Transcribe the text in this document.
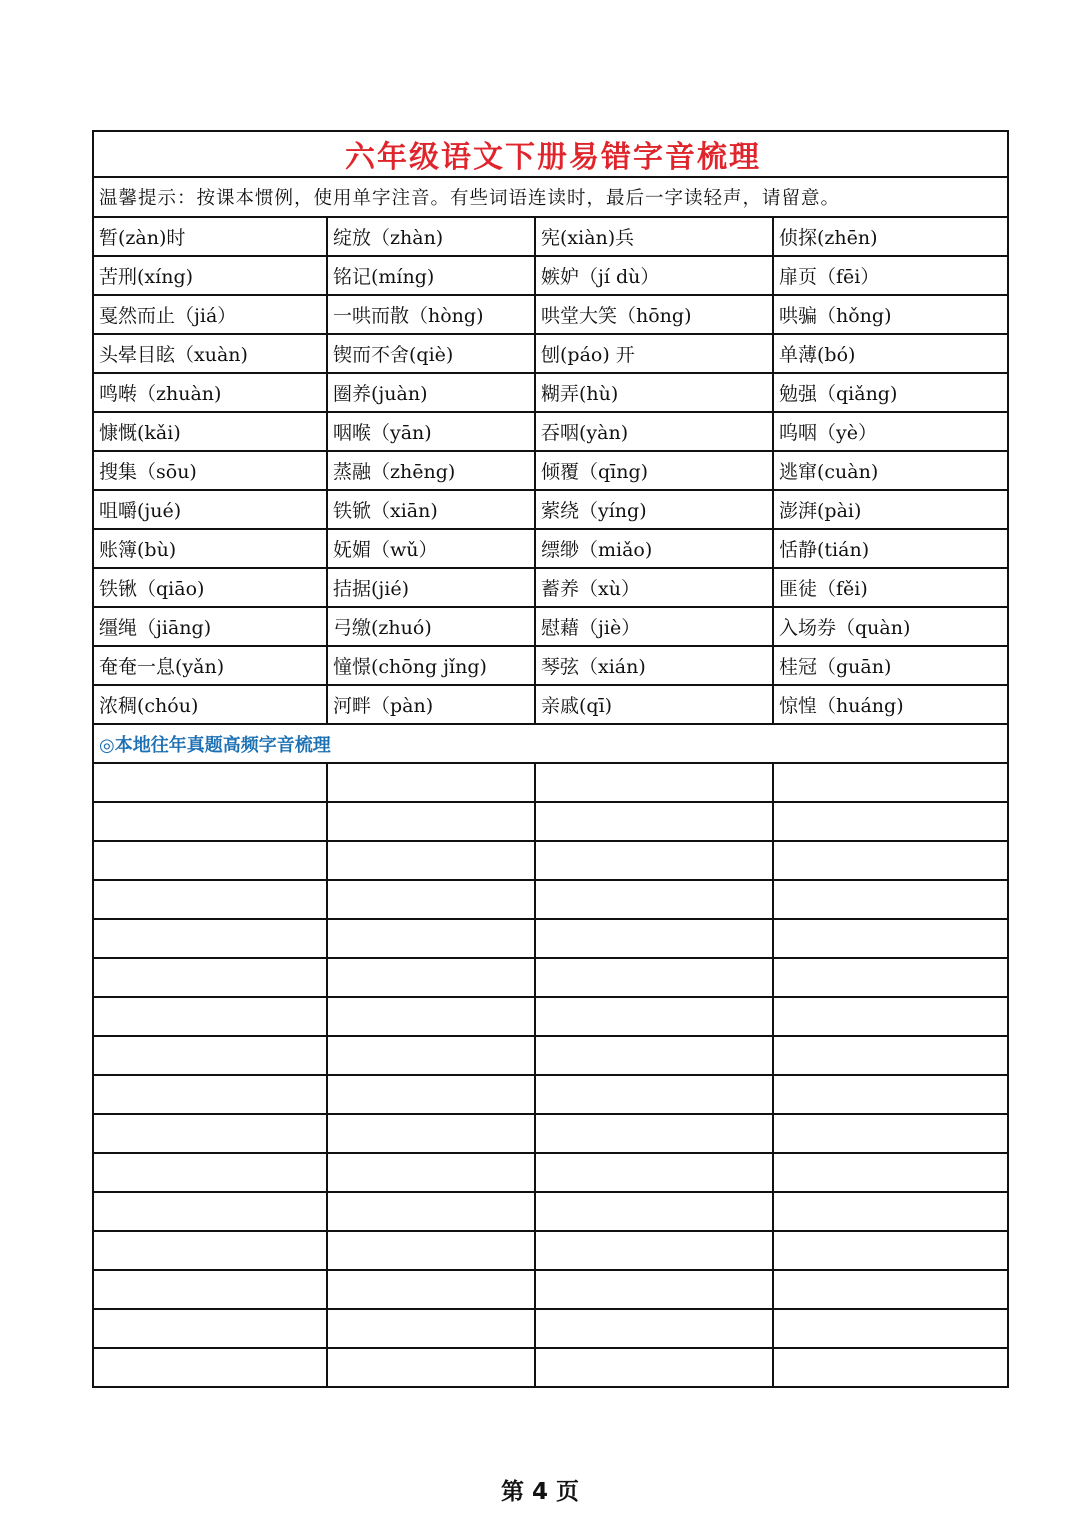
六年级语文下册易错字音梳理			
温馨提示：按课本惯例，使用单字注音。有些词语连读时，最后一字读轻声，请留意。			
暂(zàn)时	绽放（zhàn)	宪(xiàn)兵	侦探(zhēn)
苦刑(xíng)	铭记(míng)	嫉妒（jí dù）	扉页（fēi）
戛然而止（jiá）	一哄而散（hòng)	哄堂大笑（hōng)	哄骗（hǒng)
头晕目眩（xuàn)	锲而不舍(qiè)	刨(páo) 开	单薄(bó)
鸣啭（zhuàn)	圈养(juàn)	糊弄(hù)	勉强（qiǎng)
慷慨(kǎi)	咽喉（yān)	吞咽(yàn)	呜咽（yè）
搜集（sōu)	蒸融（zhēng)	倾覆（qīng)	逃窜(cuàn)
咀嚼(jué)	铁锨（xiān)	萦绕（yíng)	澎湃(pài)
账簿(bù)	妩媚（wǔ）	缥缈（miǎo)	恬静(tián)
铁锹（qiāo)	拮据(jié)	蓄养（xù）	匪徒（fěi)
缰绳（jiāng)	弓缴(zhuó)	慰藉（jiè）	入场券（quàn)
奄奄一息(yǎn)	憧憬(chōng jǐng)	琴弦（xián)	桂冠（guān)
浓稠(chóu)	河畔（pàn)	亲戚(qī)	惊惶（huáng)
◎本地往年真题高频字音梳理			

第 4 页
